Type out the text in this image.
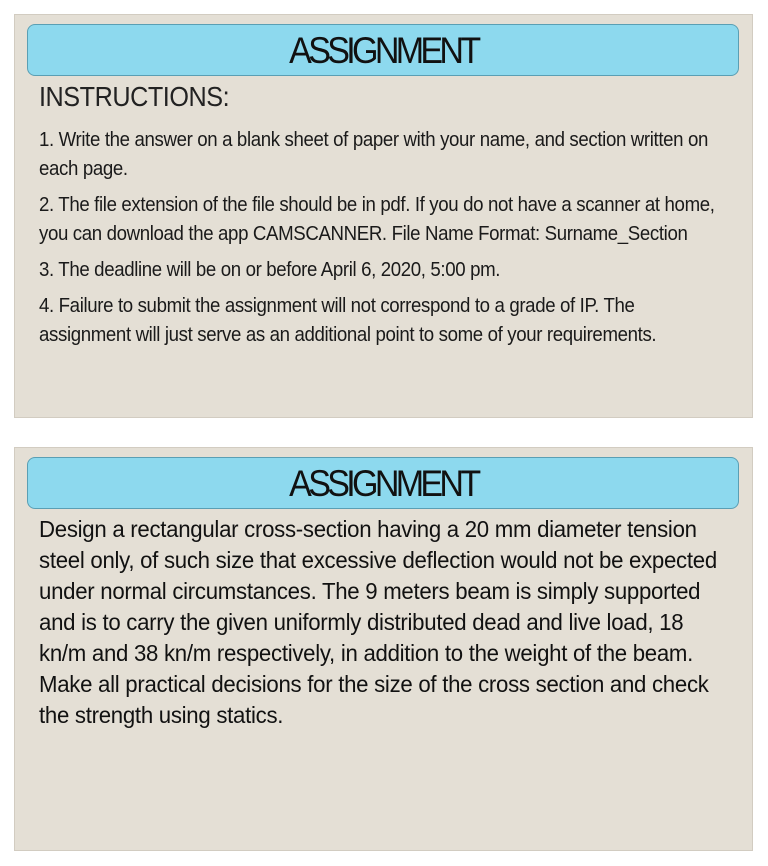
ASSIGNMENT
INSTRUCTIONS:
1. Write the answer on a blank sheet of paper with your name, and section written on each page.
2. The file extension of the file should be in pdf. If you do not have a scanner at home, you can download the app CAMSCANNER. File Name Format: Surname_Section
3. The deadline will be on or before April 6, 2020, 5:00 pm.
4. Failure to submit the assignment will not correspond to a grade of IP. The assignment will just serve as an additional point to some of your requirements.
ASSIGNMENT

Design a rectangular cross-section having a 20 mm diameter tension steel only, of such size that excessive deflection would not be expected under normal circumstances. The 9 meters beam is simply supported and is to carry the given uniformly distributed dead and live load, 18 kn/m and 38 kn/m respectively, in addition to the weight of the beam. Make all practical decisions for the size of the cross section and check the strength using statics.
